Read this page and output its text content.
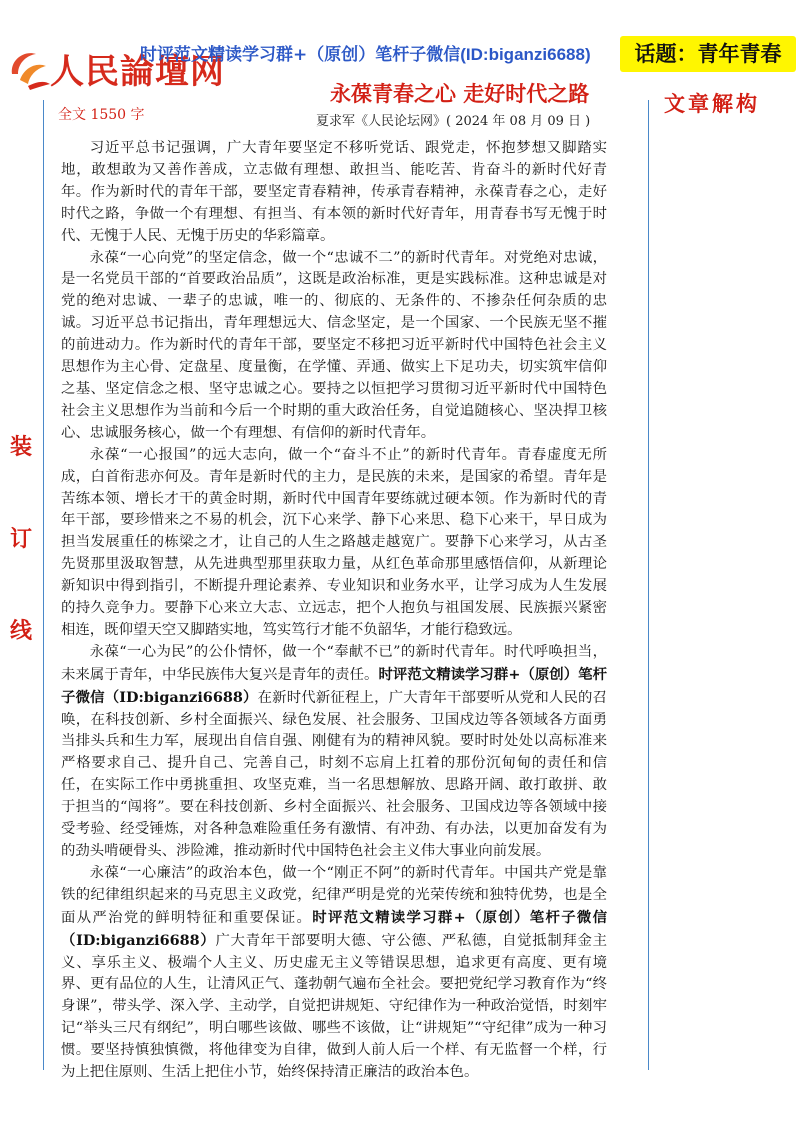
人民論壇网
时评范文精读学习群+（原创）笔杆子微信(ID:biganzi6688)	话题：青年青春
永葆青春之心 走好时代之路	文章解构
全文 1550 字	夏求军《人民论坛网》( 2024 年 08 月 09 日 )
装
订
线

习近平总书记强调，广大青年要坚定不移听党话、跟党走，怀抱梦想又脚踏实地，敢想敢为又善作善成，立志做有理想、敢担当、能吃苦、肯奋斗的新时代好青年。作为新时代的青年干部，要坚定青春精神，传承青春精神，永葆青春之心，走好时代之路，争做一个有理想、有担当、有本领的新时代好青年，用青春书写无愧于时代、无愧于人民、无愧于历史的华彩篇章。

永葆“一心向党”的坚定信念，做一个“忠诚不二”的新时代青年。对党绝对忠诚，是一名党员干部的“首要政治品质”，这既是政治标准，更是实践标准。这种忠诚是对党的绝对忠诚、一辈子的忠诚，唯一的、彻底的、无条件的、不掺杂任何杂质的忠诚。习近平总书记指出，青年理想远大、信念坚定，是一个国家、一个民族无坚不摧的前进动力。作为新时代的青年干部，要坚定不移把习近平新时代中国特色社会主义思想作为主心骨、定盘星、度量衡，在学懂、弄通、做实上下足功夫，切实筑牢信仰之基、坚定信念之根、坚守忠诚之心。要持之以恒把学习贯彻习近平新时代中国特色社会主义思想作为当前和今后一个时期的重大政治任务，自觉追随核心、坚决捍卫核心、忠诚服务核心，做一个有理想、有信仰的新时代青年。

永葆“一心报国”的远大志向，做一个“奋斗不止”的新时代青年。青春虚度无所成，白首衔悲亦何及。青年是新时代的主力，是民族的未来，是国家的希望。青年是苦练本领、增长才干的黄金时期，新时代中国青年要练就过硬本领。作为新时代的青年干部，要珍惜来之不易的机会，沉下心来学、静下心来思、稳下心来干，早日成为担当发展重任的栋梁之才，让自己的人生之路越走越宽广。要静下心来学习，从古圣先贤那里汲取智慧，从先进典型那里获取力量，从红色革命那里感悟信仰，从新理论新知识中得到指引，不断提升理论素养、专业知识和业务水平，让学习成为人生发展的持久竞争力。要静下心来立大志、立远志，把个人抱负与祖国发展、民族振兴紧密相连，既仰望天空又脚踏实地，笃实笃行才能不负韶华，才能行稳致远。

永葆“一心为民”的公仆情怀，做一个“奉献不已”的新时代青年。时代呼唤担当，未来属于青年，中华民族伟大复兴是青年的责任。时评范文精读学习群+（原创）笔杆子微信（ID:biganzi6688）在新时代新征程上，广大青年干部要听从党和人民的召唤，在科技创新、乡村全面振兴、绿色发展、社会服务、卫国戍边等各领域各方面勇当排头兵和生力军，展现出自信自强、刚健有为的精神风貌。要时时处处以高标准来严格要求自己、提升自己、完善自己，时刻不忘肩上扛着的那份沉甸甸的责任和信任，在实际工作中勇挑重担、攻坚克难，当一名思想解放、思路开阔、敢打敢拼、敢于担当的“闯将”。要在科技创新、乡村全面振兴、社会服务、卫国戍边等各领域中接受考验、经受锤炼，对各种急难险重任务有激情、有冲劲、有办法，以更加奋发有为的劲头啃硬骨头、涉险滩，推动新时代中国特色社会主义伟大事业向前发展。

永葆“一心廉洁”的政治本色，做一个“刚正不阿”的新时代青年。中国共产党是靠铁的纪律组织起来的马克思主义政党，纪律严明是党的光荣传统和独特优势，也是全面从严治党的鲜明特征和重要保证。时评范文精读学习群+（原创）笔杆子微信（ID:biganzi6688）广大青年干部要明大德、守公德、严私德，自觉抵制拜金主义、享乐主义、极端个人主义、历史虚无主义等错误思想，追求更有高度、更有境界、更有品位的人生，让清风正气、蓬勃朝气遍布全社会。要把党纪学习教育作为“终身课”，带头学、深入学、主动学，自觉把讲规矩、守纪律作为一种政治觉悟，时刻牢记“举头三尺有纲纪”，明白哪些该做、哪些不该做，让“讲规矩”“守纪律”成为一种习惯。要坚持慎独慎微，将他律变为自律，做到人前人后一个样、有无监督一个样，行为上把住原则、生活上把住小节，始终保持清正廉洁的政治本色。
